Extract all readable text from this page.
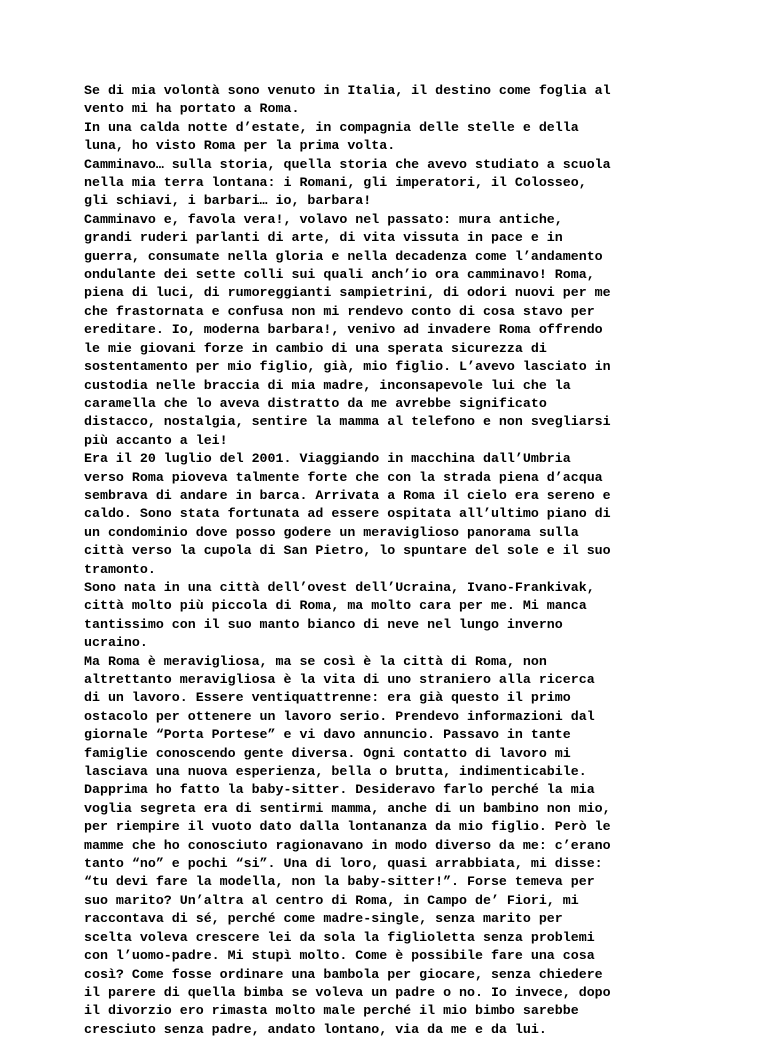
Se di mia volontà sono venuto in Italia, il destino come foglia al
vento mi ha portato a Roma.
In una calda notte d’estate, in compagnia delle stelle e della
luna, ho visto Roma per la prima volta.
Camminavo… sulla storia, quella storia che avevo studiato a scuola
nella mia terra lontana: i Romani, gli imperatori, il Colosseo,
gli schiavi, i barbari… io, barbara!
Camminavo e, favola vera!, volavo nel passato: mura antiche,
grandi ruderi parlanti di arte, di vita vissuta in pace e in
guerra, consumate nella gloria e nella decadenza come l’andamento
ondulante dei sette colli sui quali anch’io ora camminavo! Roma,
piena di luci, di rumoreggianti sampietrini, di odori nuovi per me
che frastornata e confusa non mi rendevo conto di cosa stavo per
ereditare. Io, moderna barbara!, venivo ad invadere Roma offrendo
le mie giovani forze in cambio di una sperata sicurezza di
sostentamento per mio figlio, già, mio figlio. L’avevo lasciato in
custodia nelle braccia di mia madre, inconsapevole lui che la
caramella che lo aveva distratto da me avrebbe significato
distacco, nostalgia, sentire la mamma al telefono e non svegliarsi
più accanto a lei!
Era il 20 luglio del 2001. Viaggiando in macchina dall’Umbria
verso Roma pioveva talmente forte che con la strada piena d’acqua
sembrava di andare in barca. Arrivata a Roma il cielo era sereno e
caldo. Sono stata fortunata ad essere ospitata all’ultimo piano di
un condominio dove posso godere un meraviglioso panorama sulla
città verso la cupola di San Pietro, lo spuntare del sole e il suo
tramonto.
Sono nata in una città dell’ovest dell’Ucraina, Ivano-Frankivak,
città molto più piccola di Roma, ma molto cara per me. Mi manca
tantissimo con il suo manto bianco di neve nel lungo inverno
ucraino.
Ma Roma è meravigliosa, ma se così è la città di Roma, non
altrettanto meravigliosa è la vita di uno straniero alla ricerca
di un lavoro. Essere ventiquattrenne: era già questo il primo
ostacolo per ottenere un lavoro serio. Prendevo informazioni dal
giornale “Porta Portese” e vi davo annuncio. Passavo in tante
famiglie conoscendo gente diversa. Ogni contatto di lavoro mi
lasciava una nuova esperienza, bella o brutta, indimenticabile.
Dapprima ho fatto la baby-sitter. Desideravo farlo perché la mia
voglia segreta era di sentirmi mamma, anche di un bambino non mio,
per riempire il vuoto dato dalla lontananza da mio figlio. Però le
mamme che ho conosciuto ragionavano in modo diverso da me: c’erano
tanto “no” e pochi “si”. Una di loro, quasi arrabbiata, mi disse:
“tu devi fare la modella, non la baby-sitter!”. Forse temeva per
suo marito? Un’altra al centro di Roma, in Campo de’ Fiori, mi
raccontava di sé, perché come madre-single, senza marito per
scelta voleva crescere lei da sola la figlioletta senza problemi
con l’uomo-padre. Mi stupì molto. Come è possibile fare una cosa
così? Come fosse ordinare una bambola per giocare, senza chiedere
il parere di quella bimba se voleva un padre o no. Io invece, dopo
il divorzio ero rimasta molto male perché il mio bimbo sarebbe
cresciuto senza padre, andato lontano, via da me e da lui.
